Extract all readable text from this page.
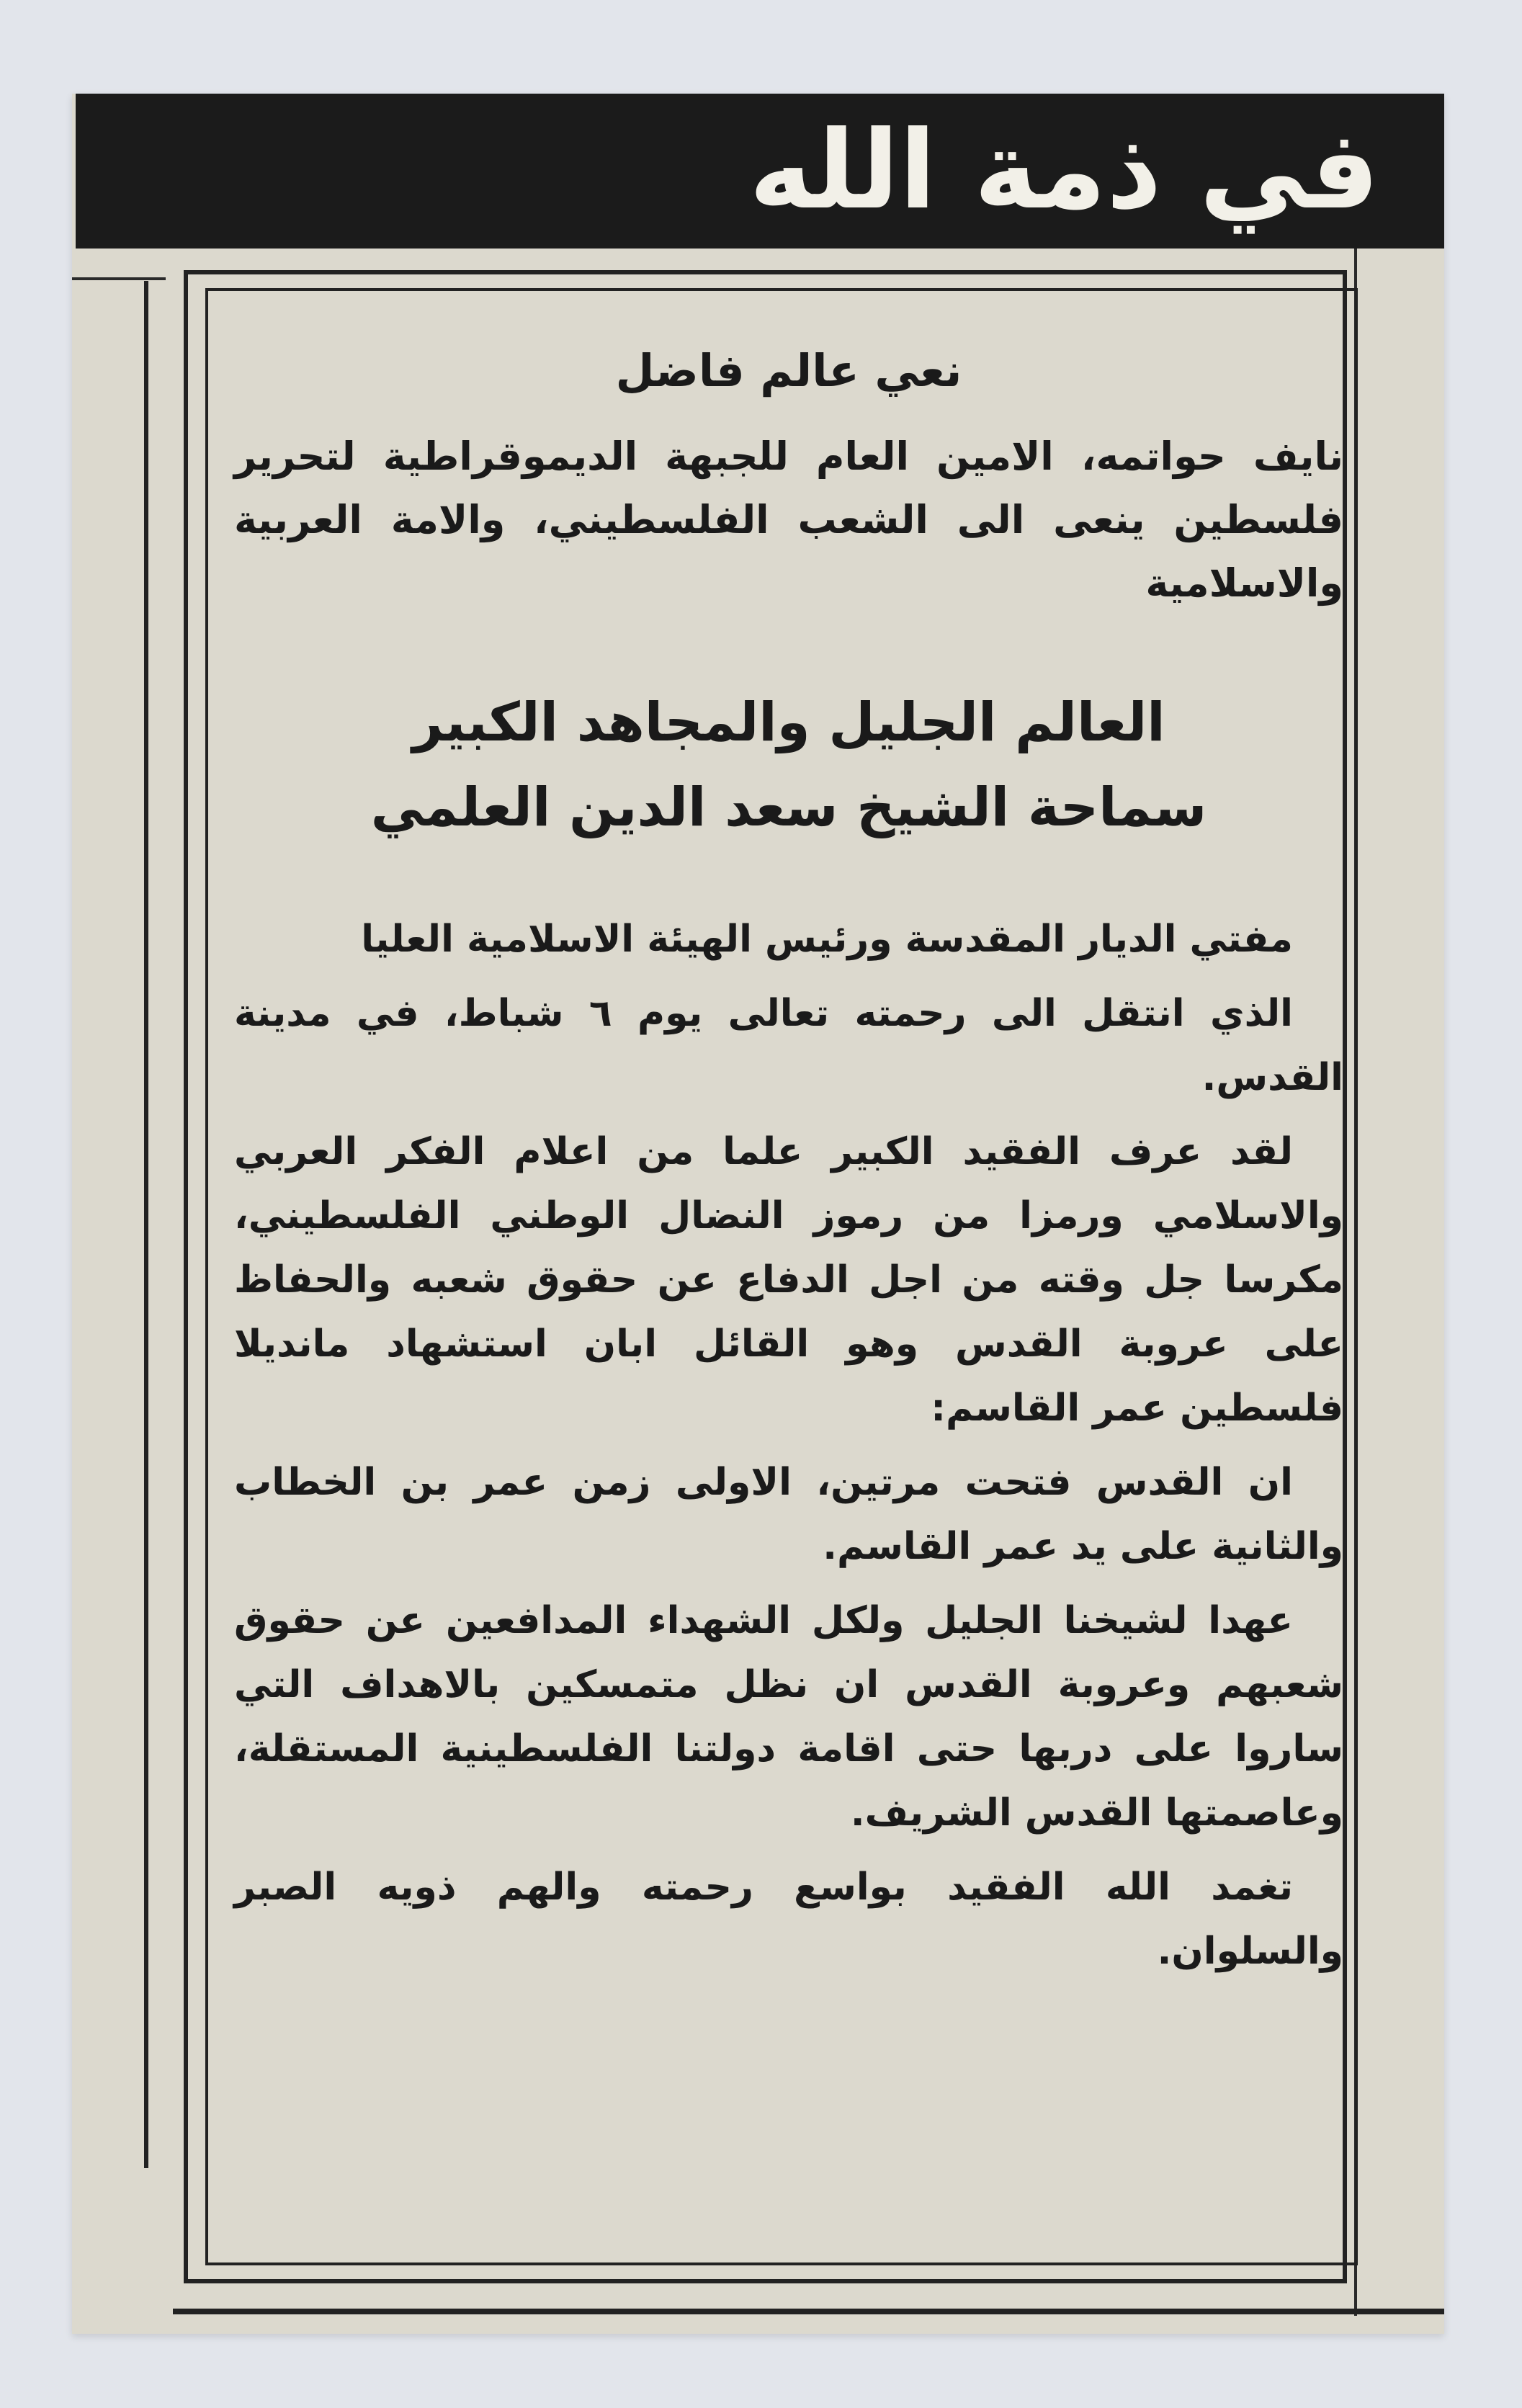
في ذمة الله
نعي عالم فاضل
نايف حواتمه، الامين العام للجبهة الديموقراطية لتحرير فلسطين ينعى الى الشعب الفلسطيني، والامة العربية والاسلامية
العالم الجليل والمجاهد الكبير
سماحة الشيخ سعد الدين العلمي

مفتي الديار المقدسة ورئيس الهيئة الاسلامية العليا

الذي انتقل الى رحمته تعالى يوم ٦ شباط، في مدينة القدس.

لقد عرف الفقيد الكبير علما من اعلام الفكر العربي والاسلامي ورمزا من رموز النضال الوطني الفلسطيني، مكرسا جل وقته من اجل الدفاع عن حقوق شعبه والحفاظ على عروبة القدس وهو القائل ابان استشهاد مانديلا فلسطين عمر القاسم:

ان القدس فتحت مرتين، الاولى زمن عمر بن الخطاب والثانية على يد عمر القاسم.

عهدا لشيخنا الجليل ولكل الشهداء المدافعين عن حقوق شعبهم وعروبة القدس ان نظل متمسكين بالاهداف التي ساروا على دربها حتى اقامة دولتنا الفلسطينية المستقلة، وعاصمتها القدس الشريف.

تغمد الله الفقيد بواسع رحمته والهم ذويه الصبر والسلوان.
